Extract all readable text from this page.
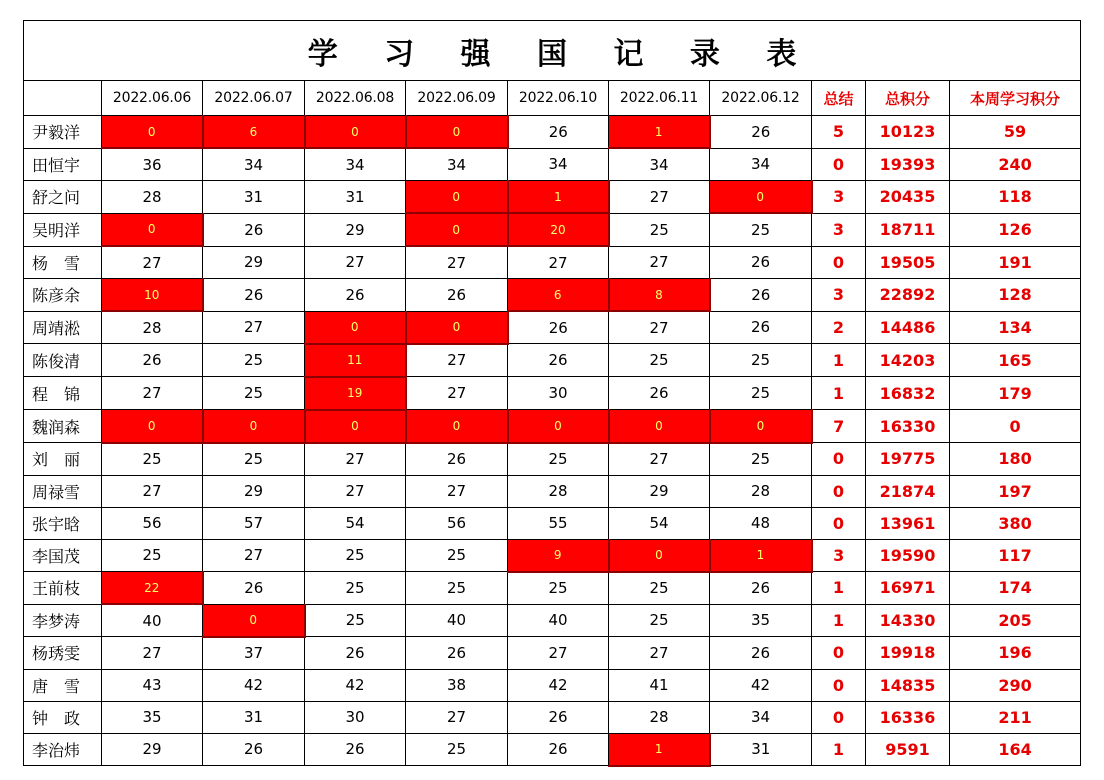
学 习 强 国 记 录 表										
	2022.06.06	2022.06.07	2022.06.08	2022.06.09	2022.06.10	2022.06.11	2022.06.12	总结	总积分	本周学习积分
尹毅洋	0	6	0	0	26	1	26	5	10123	59
田恒宇	36	34	34	34	34	34	34	0	19393	240
舒之问	28	31	31	0	1	27	0	3	20435	118
吴明洋	0	26	29	0	20	25	25	3	18711	126
杨　雪	27	29	27	27	27	27	26	0	19505	191
陈彦余	10	26	26	26	6	8	26	3	22892	128
周靖淞	28	27	0	0	26	27	26	2	14486	134
陈俊清	26	25	11	27	26	25	25	1	14203	165
程　锦	27	25	19	27	30	26	25	1	16832	179
魏润森	0	0	0	0	0	0	0	7	16330	0
刘　丽	25	25	27	26	25	27	25	0	19775	180
周禄雪	27	29	27	27	28	29	28	0	21874	197
张宇晗	56	57	54	56	55	54	48	0	13961	380
李国茂	25	27	25	25	9	0	1	3	19590	117
王前枝	22	26	25	25	25	25	26	1	16971	174
李梦涛	40	0	25	40	40	25	35	1	14330	205
杨琇雯	27	37	26	26	27	27	26	0	19918	196
唐　雪	43	42	42	38	42	41	42	0	14835	290
钟　政	35	31	30	27	26	28	34	0	16336	211
李治炜	29	26	26	25	26	1	31	1	9591	164
